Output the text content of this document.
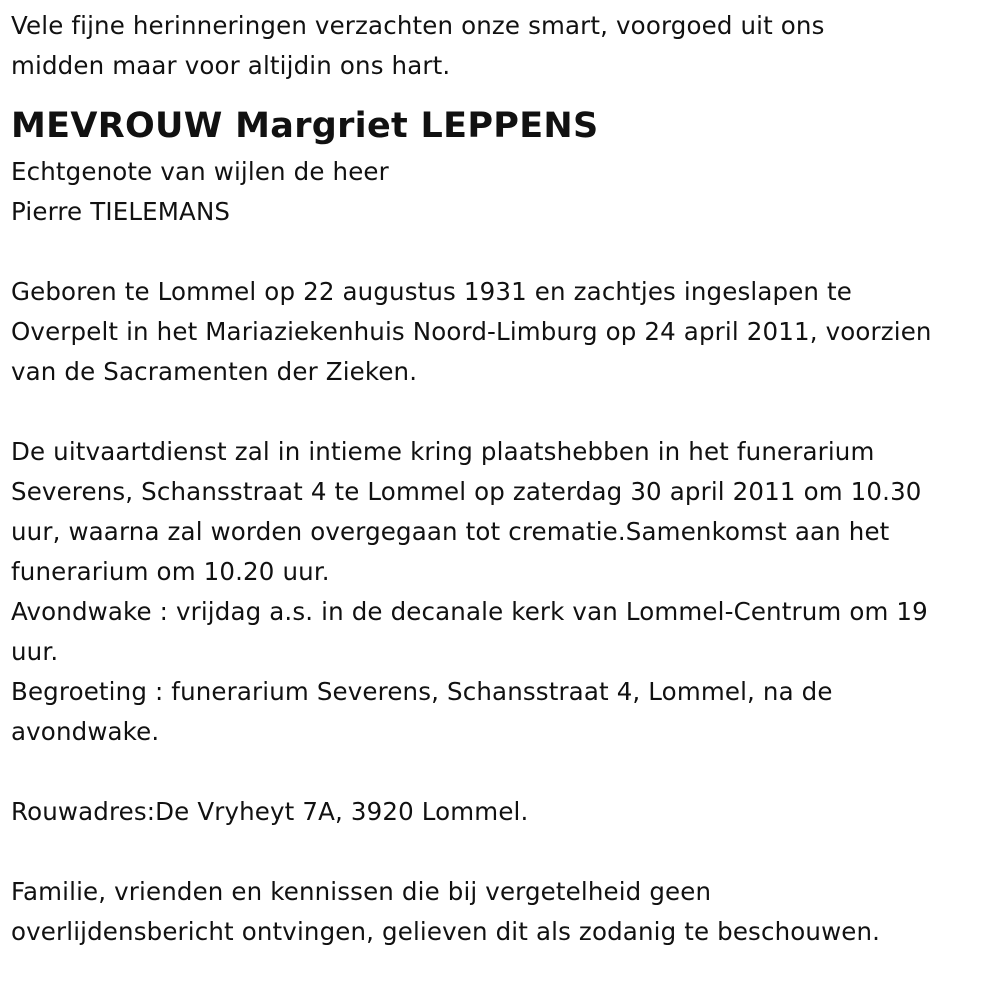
Vele fijne herinneringen verzachten onze smart, voorgoed uit ons
midden maar voor altijdin ons hart.
MEVROUW Margriet LEPPENS
Echtgenote van wijlen de heer
Pierre TIELEMANS
Geboren te Lommel op 22 augustus 1931 en zachtjes ingeslapen te
Overpelt in het Mariaziekenhuis Noord-Limburg op 24 april 2011, voorzien
van de Sacramenten der Zieken.
De uitvaartdienst zal in intieme kring plaatshebben in het funerarium
Severens, Schansstraat 4 te Lommel op zaterdag 30 april 2011 om 10.30
uur, waarna zal worden overgegaan tot crematie.Samenkomst aan het
funerarium om 10.20 uur.
Avondwake : vrijdag a.s. in de decanale kerk van Lommel-Centrum om 19
uur.
Begroeting : funerarium Severens, Schansstraat 4, Lommel, na de
avondwake.
Rouwadres:De Vryheyt 7A, 3920 Lommel.
Familie, vrienden en kennissen die bij vergetelheid geen
overlijdensbericht ontvingen, gelieven dit als zodanig te beschouwen.
